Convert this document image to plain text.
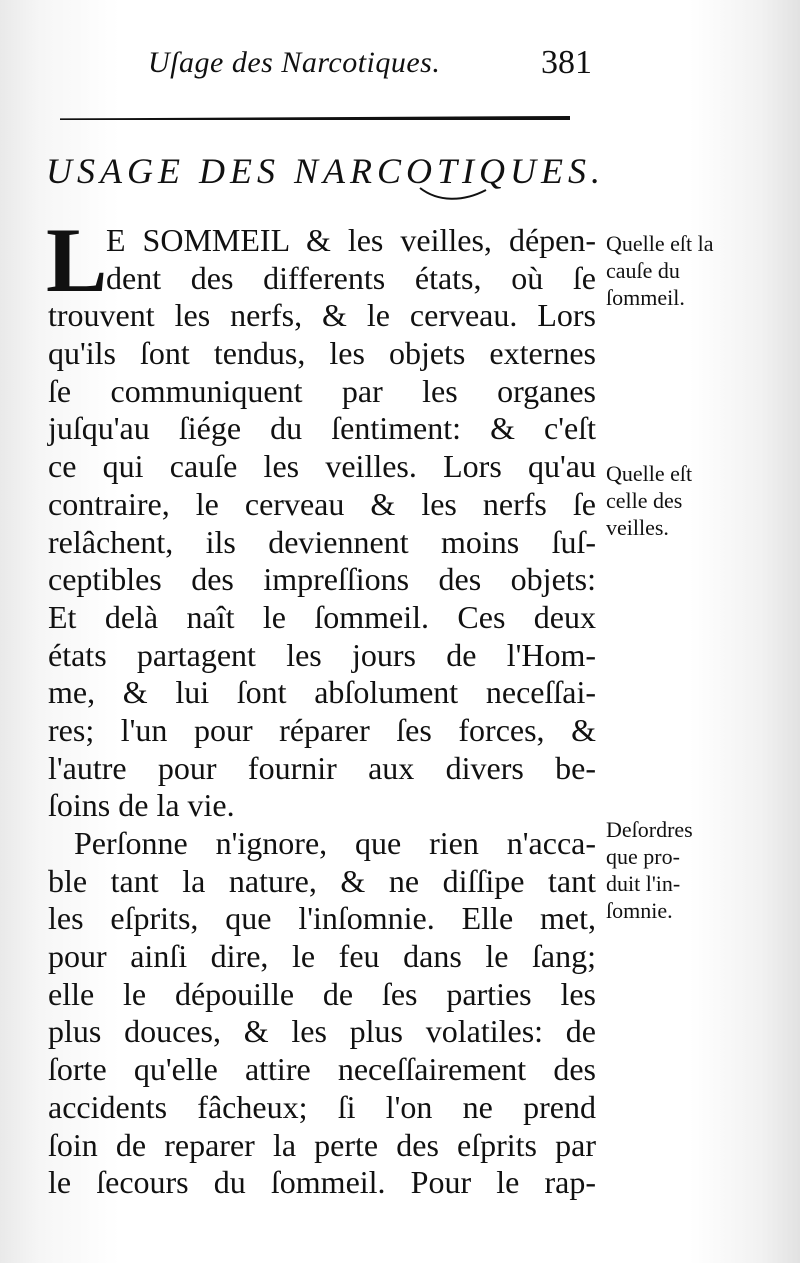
Uſage des Narcotiques.	381
USAGE DES NARCOTIQUES.
L
E SOMMEIL & les veilles, dépen-
dent des differents états, où ſe
trouvent les nerfs, & le cerveau. Lors
qu'ils ſont tendus, les objets externes
ſe communiquent par les organes
juſqu'au ſiége du ſentiment: & c'eſt
ce qui cauſe les veilles. Lors qu'au
contraire, le cerveau & les nerfs ſe
relâchent, ils deviennent moins ſuſ-
ceptibles des impreſſions des objets:
Et delà naît le ſommeil. Ces deux
états partagent les jours de l'Hom-
me, & lui ſont abſolument neceſſai-
res; l'un pour réparer ſes forces, &
l'autre pour fournir aux divers be-
ſoins de la vie.
Perſonne n'ignore, que rien n'acca-
ble tant la nature, & ne diſſipe tant
les eſprits, que l'inſomnie. Elle met,
pour ainſi dire, le feu dans le ſang;
elle le dépouille de ſes parties les
plus douces, & les plus volatiles: de
ſorte qu'elle attire neceſſairement des
accidents fâcheux; ſi l'on ne prend
ſoin de reparer la perte des eſprits par
le ſecours du ſommeil. Pour le rap-
Quelle eſt la
cauſe du
ſommeil.
Quelle eſt
celle des
veilles.
Deſordres
que pro-
duit l'in-
ſomnie.
